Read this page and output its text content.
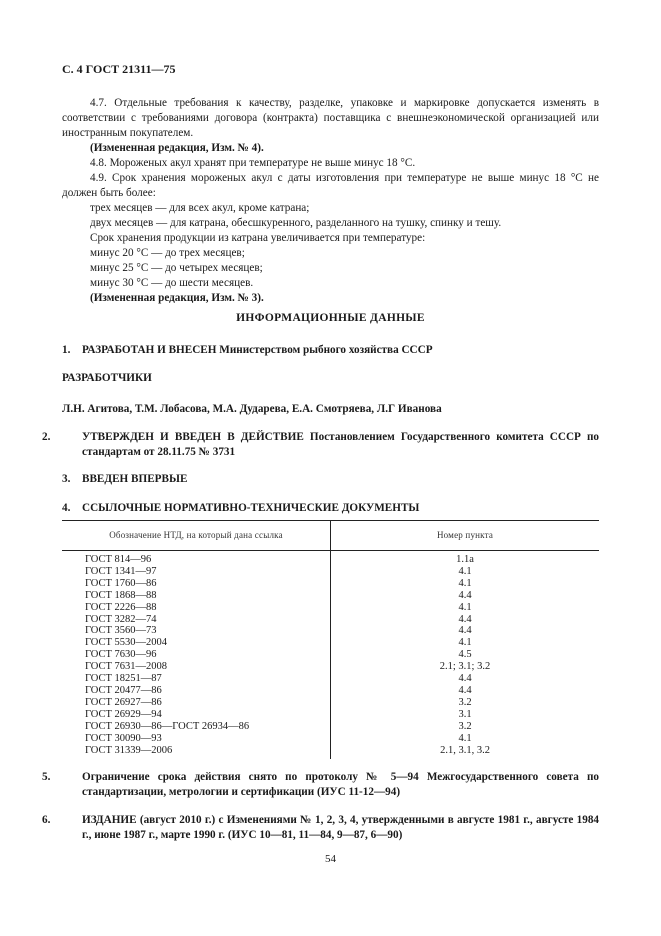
С. 4 ГОСТ 21311—75

4.7. Отдельные требования к качеству, разделке, упаковке и маркировке допускается изменять в соответствии с требованиями договора (контракта) поставщика с внешнеэкономической организацией или иностранным покупателем.

(Измененная редакция, Изм. № 4).

4.8. Мороженых акул хранят при температуре не выше минус 18 °С.

4.9. Срок хранения мороженых акул с даты изготовления при температуре не выше минус 18 °С не должен быть более:

трех месяцев — для всех акул, кроме катрана;

двух месяцев — для катрана, обесшкуренного, разделанного на тушку, спинку и тешу.

Срок хранения продукции из катрана увеличивается при температуре:

минус 20 °С — до трех месяцев;

минус 25 °С — до четырех месяцев;

минус 30 °С — до шести месяцев.

(Измененная редакция, Изм. № 3).

ИНФОРМАЦИОННЫЕ ДАННЫЕ
1. РАЗРАБОТАН И ВНЕСЕН Министерством рыбного хозяйства СССР
РАЗРАБОТЧИКИ
Л.Н. Агитова, Т.М. Лобасова, М.А. Дударева, Е.А. Смотряева, Л.Г Иванова

2.	УТВЕРЖДЕН И ВВЕДЕН В ДЕЙСТВИЕ Постановлением Государственного комитета СССР по стандартам от 28.11.75 № 3731

3. ВВЕДЕН ВПЕРВЫЕ
4. ССЫЛОЧНЫЕ НОРМАТИВНО-ТЕХНИЧЕСКИЕ ДОКУМЕНТЫ
Обозначение НТД, на который дана ссылка	Номер пункта
ГОСТ 814—96	1.1а
ГОСТ 1341—97	4.1
ГОСТ 1760—86	4.1
ГОСТ 1868—88	4.4
ГОСТ 2226—88	4.1
ГОСТ 3282—74	4.4
ГОСТ 3560—73	4.4
ГОСТ 5530—2004	4.1
ГОСТ 7630—96	4.5
ГОСТ 7631—2008	2.1; 3.1; 3.2
ГОСТ 18251—87	4.4
ГОСТ 20477—86	4.4
ГОСТ 26927—86	3.2
ГОСТ 26929—94	3.1
ГОСТ 26930—86—ГОСТ 26934—86	3.2
ГОСТ 30090—93	4.1
ГОСТ 31339—2006	2.1, 3.1, 3.2

5.	Ограничение срока действия снято по протоколу № 5—94 Межгосударственного совета по стандартизации, метрологии и сертификации (ИУС 11-12—94)

6.	ИЗДАНИЕ (август 2010 г.) с Изменениями № 1, 2, 3, 4, утвержденными в августе 1981 г., августе 1984 г., июне 1987 г., марте 1990 г. (ИУС 10—81, 11—84, 9—87, 6—90)

54
